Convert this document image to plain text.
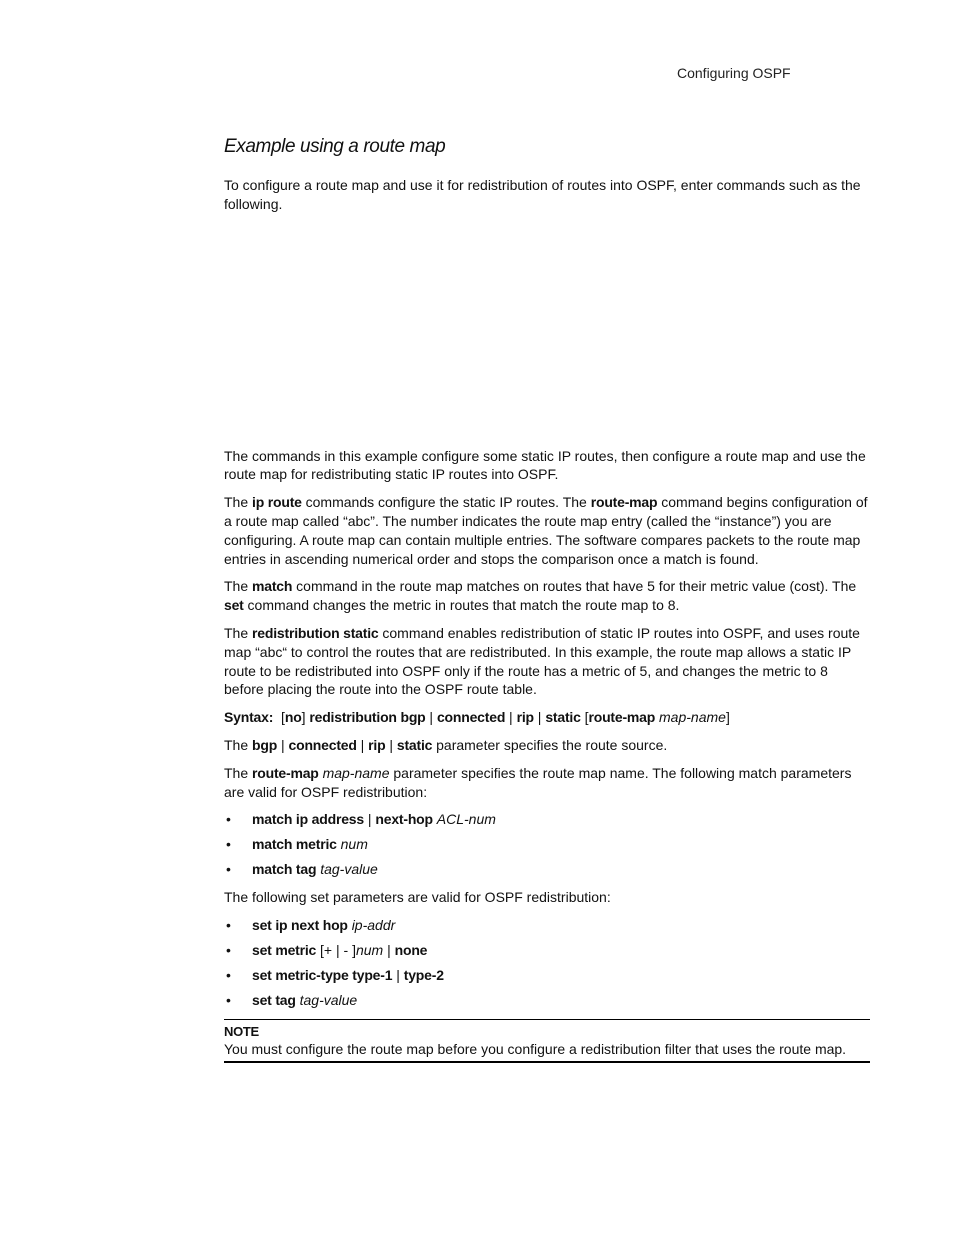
Configuring OSPF
Example using a route map

To configure a route map and use it for redistribution of routes into OSPF, enter commands such as the following.

The commands in this example configure some static IP routes, then configure a route map and use the route map for redistributing static IP routes into OSPF.

The ip route commands configure the static IP routes. The route-map command begins configuration of a route map called “abc”. The number indicates the route map entry (called the “instance”) you are configuring. A route map can contain multiple entries. The software compares packets to the route map entries in ascending numerical order and stops the comparison once a match is found.

The match command in the route map matches on routes that have 5 for their metric value (cost). The set command changes the metric in routes that match the route map to 8.

The redistribution static command enables redistribution of static IP routes into OSPF, and uses route map “abc“ to control the routes that are redistributed. In this example, the route map allows a static IP route to be redistributed into OSPF only if the route has a metric of 5, and changes the metric to 8 before placing the route into the OSPF route table.

Syntax:  [no] redistribution bgp | connected | rip | static [route-map map-name]

The bgp | connected | rip | static parameter specifies the route source.

The route-map map-name parameter specifies the route map name. The following match parameters are valid for OSPF redistribution:

• match ip address | next-hop ACL-num
• match metric num
• match tag tag-value

The following set parameters are valid for OSPF redistribution:

• set ip next hop ip-addr
• set metric [+ | - ]num | none
• set metric-type type-1 | type-2
• set tag tag-value
NOTE

You must configure the route map before you configure a redistribution filter that uses the route map.
